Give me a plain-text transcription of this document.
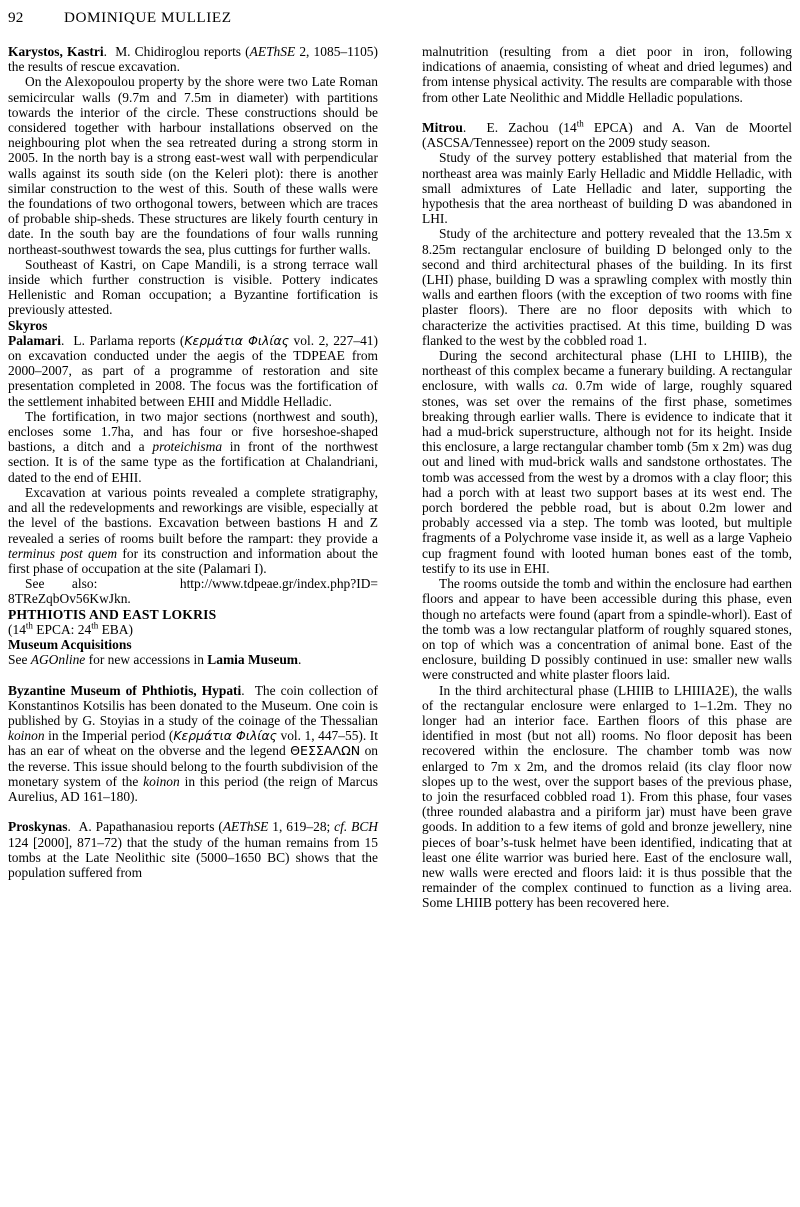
92	DOMINIQUE MULLIEZ

Karystos, Kastri. M. Chidiroglou reports (AEThSE 2, 1085–1105) the results of rescue excavation.

On the Alexopoulou property by the shore were two Late Roman semicircular walls (9.7m and 7.5m in diameter) with partitions towards the interior of the circle. These constructions should be considered together with harbour installations observed on the neighbouring plot when the sea retreated during a strong storm in 2005. In the north bay is a strong east-west wall with perpendicular walls against its south side (on the Keleri plot): there is another similar construction to the west of this. South of these walls were the foundations of two orthogonal towers, between which are traces of probable ship-sheds. These structures are likely fourth century in date. In the south bay are the foundations of four walls running northeast-southwest towards the sea, plus cuttings for further walls.

Southeast of Kastri, on Cape Mandili, is a strong terrace wall inside which further construction is visible. Pottery indicates Hellenistic and Roman occupation; a Byzantine fortification is previously attested.

Skyros

Palamari. L. Parlama reports (Κερμάτια Φιλίας vol. 2, 227–41) on excavation conducted under the aegis of the TDPEAE from 2000–2007, as part of a programme of restoration and site presentation completed in 2008. The focus was the fortification of the settlement inhabited between EHII and Middle Helladic.

The fortification, in two major sections (northwest and south), encloses some 1.7ha, and has four or five horseshoe-shaped bastions, a ditch and a proteichisma in front of the northwest section. It is of the same type as the fortification at Chalandriani, dated to the end of EHII.

Excavation at various points revealed a complete stratigraphy, and all the redevelopments and reworkings are visible, especially at the level of the bastions. Excavation between bastions H and Z revealed a series of rooms built before the rampart: they provide a terminus post quem for its construction and information about the first phase of occupation at the site (Palamari I).

See also:   http://www.tdpeae.gr/index.php?ID= 8TReZqbOv56KwJkn.

PHTHIOTIS AND EAST LOKRIS

(14th EPCA: 24th EBA)

Museum Acquisitions

See AGOnline for new accessions in Lamia Museum.

Byzantine Museum of Phthiotis, Hypati. The coin collection of Konstantinos Kotsilis has been donated to the Museum. One coin is published by G. Stoyias in a study of the coinage of the Thessalian koinon in the Imperial period (Κερμάτια Φιλίας vol. 1, 447–55). It has an ear of wheat on the obverse and the legend ΘΕΣΣΑΛΩΝ on the reverse. This issue should belong to the fourth subdivision of the monetary system of the koinon in this period (the reign of Marcus Aurelius, AD 161–180).

Proskynas. A. Papathanasiou reports (AEThSE 1, 619–28; cf. BCH 124 [2000], 871–72) that the study of the human remains from 15 tombs at the Late Neolithic site (5000–1650 BC) shows that the population suffered from

malnutrition (resulting from a diet poor in iron, following indications of anaemia, consisting of wheat and dried legumes) and from intense physical activity. The results are comparable with those from other Late Neolithic and Middle Helladic populations.

Mitrou. E. Zachou (14th EPCA) and A. Van de Moortel (ASCSA/Tennessee) report on the 2009 study season.

Study of the survey pottery established that material from the northeast area was mainly Early Helladic and Middle Helladic, with small admixtures of Late Helladic and later, supporting the hypothesis that the area northeast of building D was abandoned in LHI.

Study of the architecture and pottery revealed that the 13.5m x 8.25m rectangular enclosure of building D belonged only to the second and third architectural phases of the building. In its first (LHI) phase, building D was a sprawling complex with mostly thin walls and earthen floors (with the exception of two rooms with fine plaster floors). There are no floor deposits with which to characterize the activities practised. At this time, building D was flanked to the west by the cobbled road 1.

During the second architectural phase (LHI to LHIIB), the northeast of this complex became a funerary building. A rectangular enclosure, with walls ca. 0.7m wide of large, roughly squared stones, was set over the remains of the first phase, sometimes breaking through earlier walls. There is evidence to indicate that it had a mud-brick superstructure, although not for its height. Inside this enclosure, a large rectangular chamber tomb (5m x 2m) was dug out and lined with mud-brick walls and sandstone orthostates. The tomb was accessed from the west by a dromos with a clay floor; this had a porch with at least two support bases at its west end. The porch bordered the pebble road, but is about 0.2m lower and probably accessed via a step. The tomb was looted, but multiple fragments of a Polychrome vase inside it, as well as a large Vapheio cup fragment found with looted human bones east of the tomb, testify to its use in EHI.

The rooms outside the tomb and within the enclosure had earthen floors and appear to have been accessible during this phase, even though no artefacts were found (apart from a spindle-whorl). East of the tomb was a low rectangular platform of roughly squared stones, on top of which was a concentration of animal bone. East of the enclosure, building D possibly continued in use: smaller new walls were constructed and white plaster floors laid.

In the third architectural phase (LHIIB to LHIIIA2E), the walls of the rectangular enclosure were enlarged to 1–1.2m. They no longer had an interior face. Earthen floors of this phase are identified in most (but not all) rooms. No floor deposit has been recovered within the enclosure. The chamber tomb was now enlarged to 7m x 2m, and the dromos relaid (its clay floor now slopes up to the west, over the support bases of the previous phase, to join the resurfaced cobbled road 1). From this phase, four vases (three rounded alabastra and a piriform jar) must have been grave goods. In addition to a few items of gold and bronze jewellery, nine pieces of boar’s-tusk helmet have been identified, indicating that at least one élite warrior was buried here. East of the enclosure wall, new walls were erected and floors laid: it is thus possible that the remainder of the complex continued to function as a living area. Some LHIIB pottery has been recovered here.
